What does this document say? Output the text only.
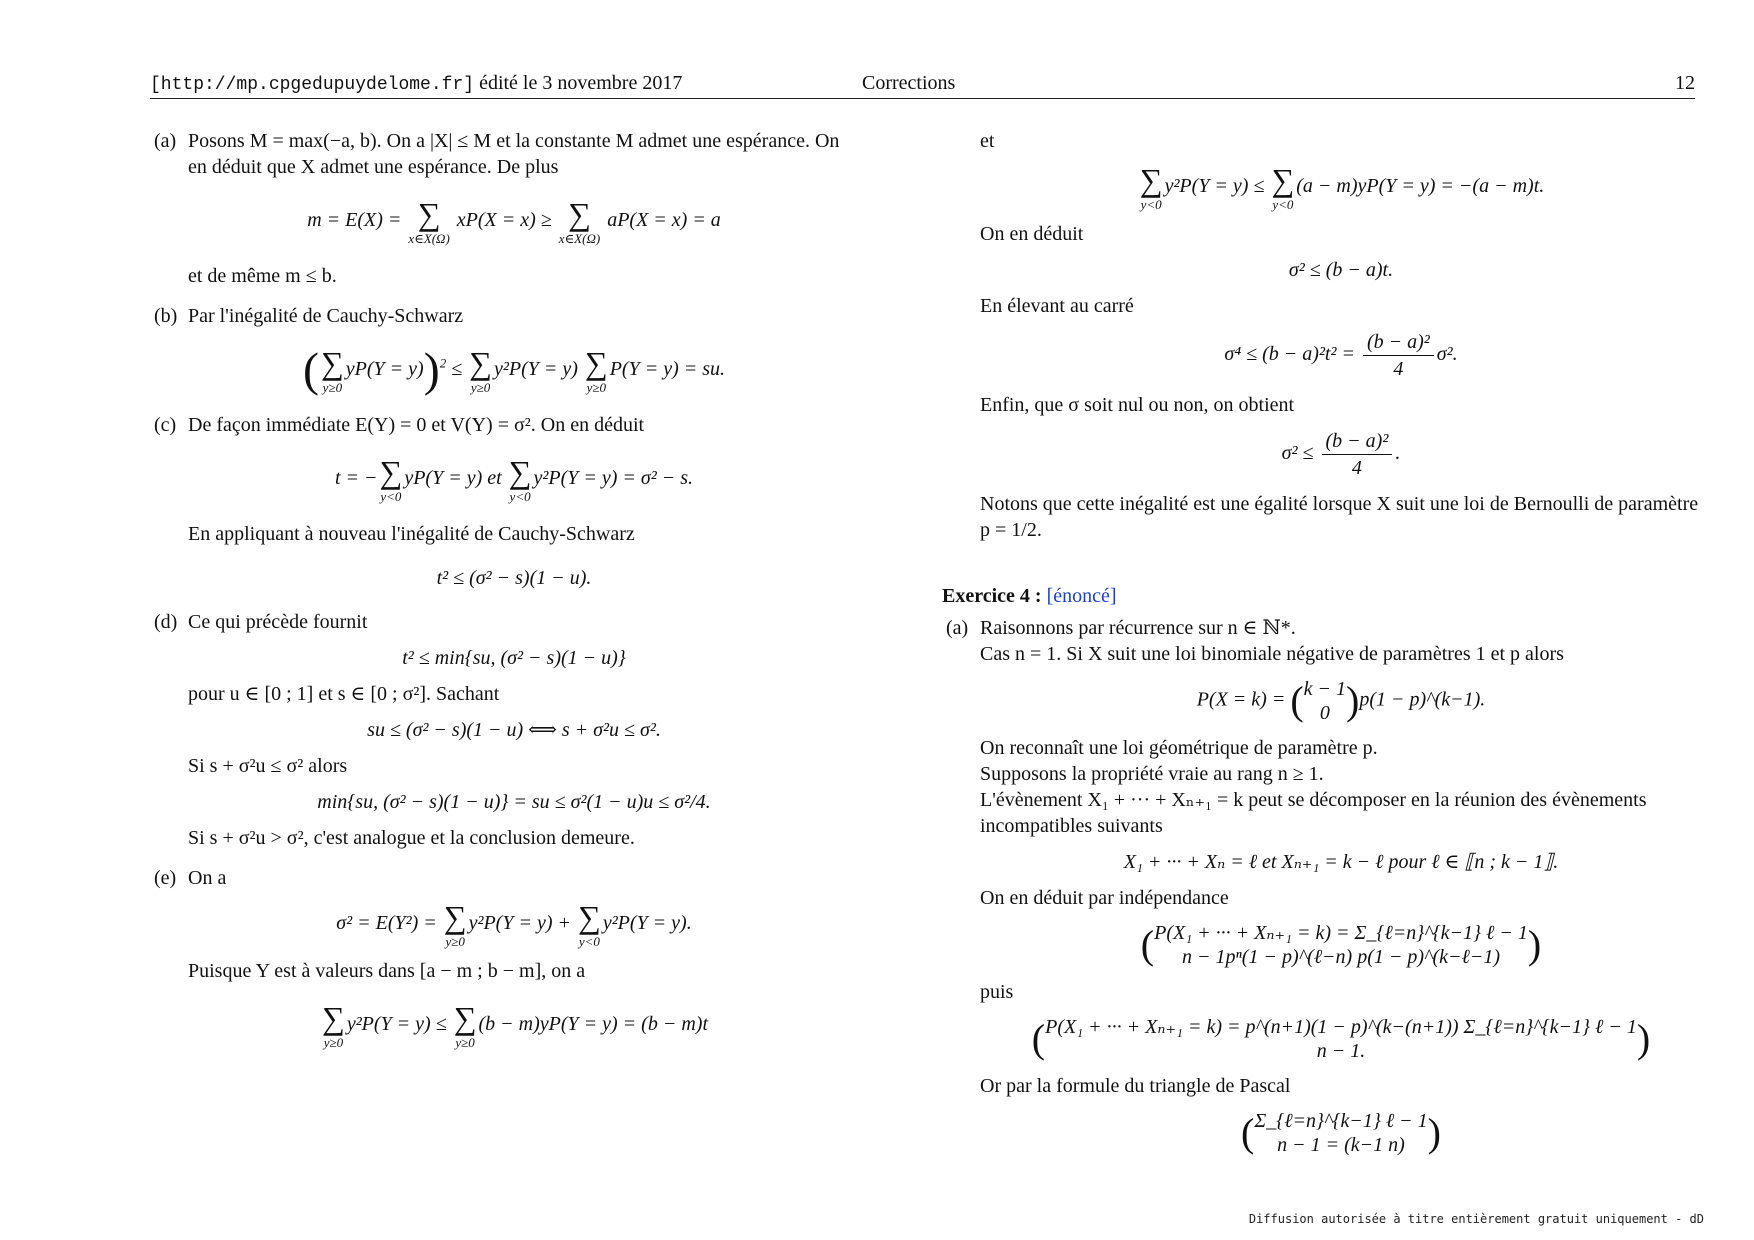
[http://mp.cpgedupuydelome.fr] édité le 3 novembre 2017	Corrections	12
(a) Posons M = max(−a, b). On a |X| ≤ M et la constante M admet une espérance. On en déduit que X admet une espérance. De plus

m = E(X) = ∑
x∈X(Ω)
xP(X = x) ≥ ∑
x∈X(Ω)
aP(X = x) = a

et de même m ≤ b.

(b) Par l'inégalité de Cauchy-Schwarz

( ∑
y≥0
yP(Y = y))$^2$ ≤ ∑
y≥0
y²P(Y = y) ∑
y≥0
P(Y = y) = su.
(c) De façon immédiate E(Y) = 0 et V(Y) = σ². On en déduit

t = − ∑
y<0
yP(Y = y) et ∑
y<0
y²P(Y = y) = σ² − s.

En appliquant à nouveau l'inégalité de Cauchy-Schwarz

t² ≤ (σ² − s)(1 − u).
(d) Ce qui précède fournit

t² ≤ min{su, (σ² − s)(1 − u)}

pour u ∈ [0 ; 1] et s ∈ [0 ; σ²]. Sachant

su ≤ (σ² − s)(1 − u) ⟺ s + σ²u ≤ σ².

Si s + σ²u ≤ σ² alors

min{su, (σ² − s)(1 − u)} = su ≤ σ²(1 − u)u ≤ σ²/4.

Si s + σ²u > σ², c'est analogue et la conclusion demeure.

(e) On a

σ² = E(Y²) = ∑
y≥0
y²P(Y = y) + ∑
y<0
y²P(Y = y).

Puisque Y est à valeurs dans [a − m ; b − m], on a

∑
y≥0
y²P(Y = y) ≤ ∑
y≥0
(b − m)yP(Y = y) = (b − m)t

et

∑
y<0
y²P(Y = y) ≤ ∑
y<0
(a − m)yP(Y = y) = −(a − m)t.

On en déduit

σ² ≤ (b − a)t.

En élevant au carré

$\sigma^4 \le (b - a)^2t^2 = \frac{\text{(b − a)²}}{4} \sigma^2$.

Enfin, que σ soit nul ou non, on obtient

$\sigma^2 \le \frac{\text{(b − a)²}}{4}$ .

Notons que cette inégalité est une égalité lorsque X suit une loi de Bernoulli de paramètre p = 1/2.

Exercice 4 : [énoncé]
(a) Raisonnons par récurrence sur n ∈ ℕ*.

Cas n = 1. Si X suit une loi binomiale négative de paramètres 1 et p alors

P(X = k) = ( k − 1
0 )p(1 − p)^(k−1).

On reconnaît une loi géométrique de paramètre p.

Supposons la propriété vraie au rang n ≥ 1.

L'évènement X₁ + ··· + Xₙ₊₁ = k peut se décomposer en la réunion des évènements incompatibles suivants

X₁ + ··· + Xₙ = ℓ et Xₙ₊₁ = k − ℓ pour ℓ ∈ ⟦n ; k − 1⟧.

On en déduit par indépendance

( P(X₁ + ··· + Xₙ₊₁ = k) = Σ_{ℓ=n}^{k−1} ℓ − 1
n − 1pⁿ(1 − p)^(ℓ−n) p(1 − p)^(k−ℓ−1) )

puis

( P(X₁ + ··· + Xₙ₊₁ = k) = p^(n+1)(1 − p)^(k−(n+1)) Σ_{ℓ=n}^{k−1} ℓ − 1
n − 1.	)

Or par la formule du triangle de Pascal

( Σ_{ℓ=n}^{k−1} ℓ − 1
n − 1 = (k−1 n) )
Diffusion autorisée à titre entièrement gratuit uniquement - dD
